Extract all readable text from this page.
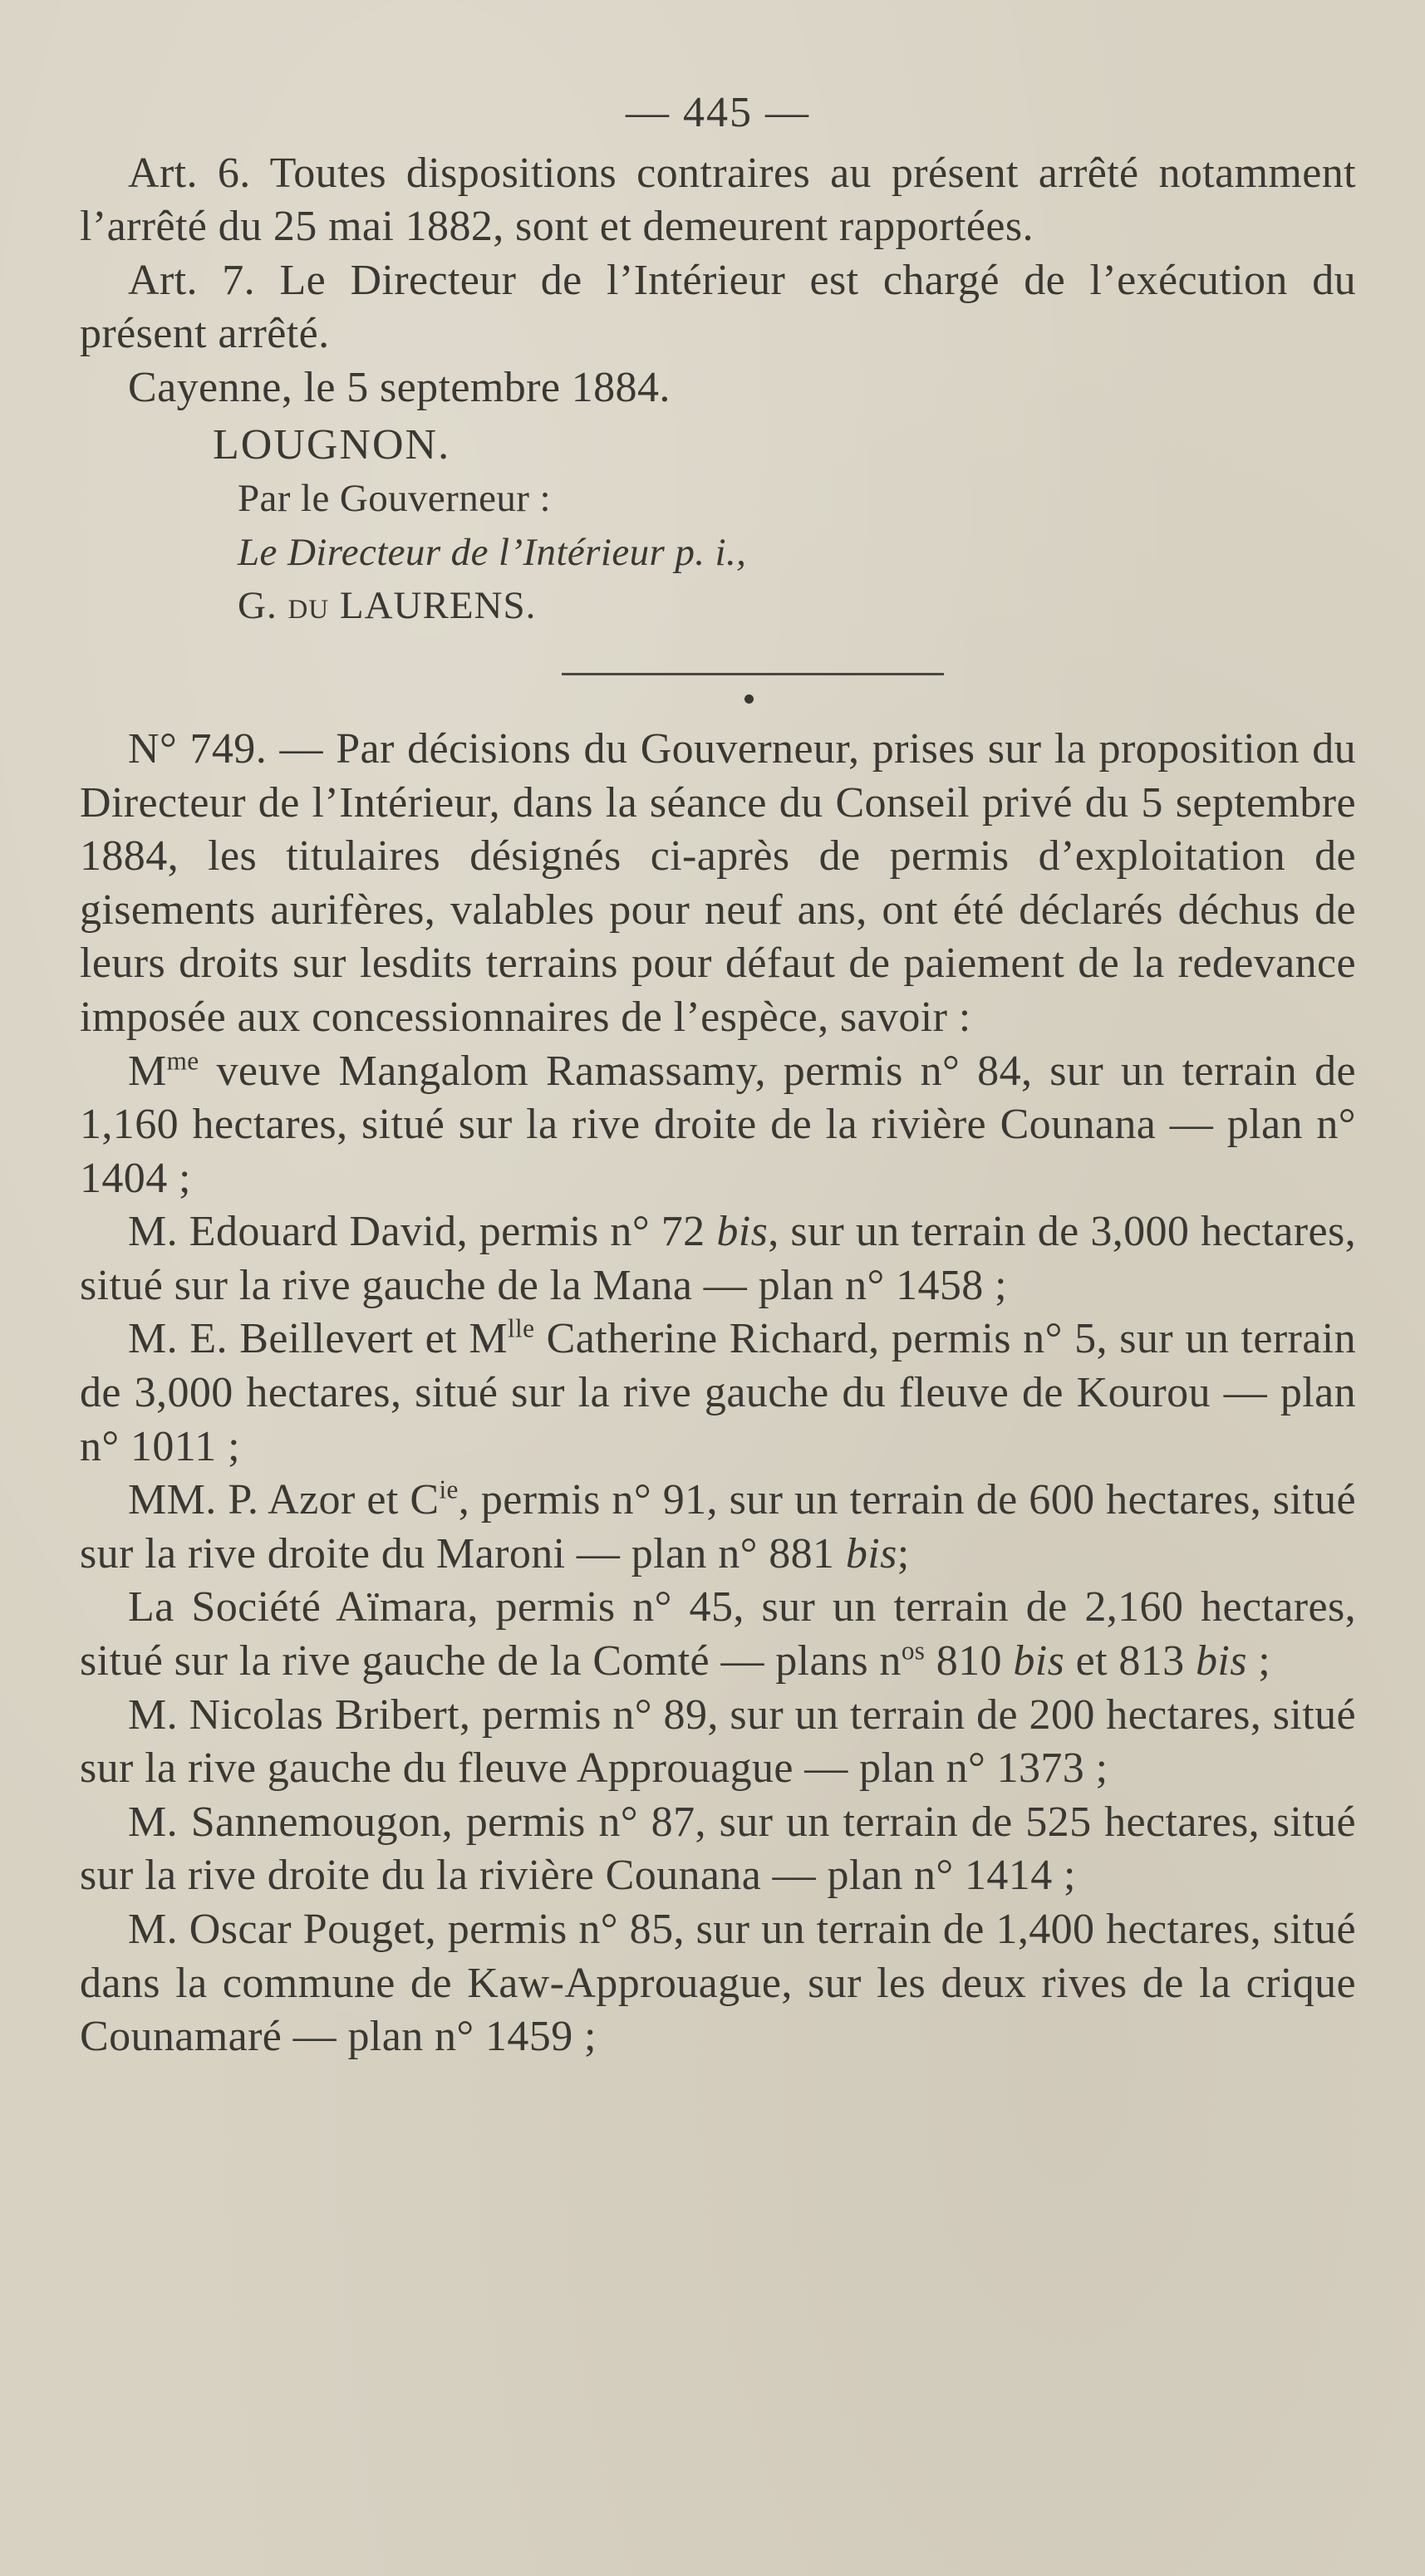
— 445 —

Art. 6. Toutes dispositions contraires au présent arrêté notamment l’arrêté du 25 mai 1882, sont et demeurent rapportées.

Art. 7. Le Directeur de l’Intérieur est chargé de l’exécution du présent arrêté.

Cayenne, le 5 septembre 1884.

LOUGNON.

Par le Gouverneur :

Le Directeur de l’Intérieur p. i.,

G. du LAURENS.

N° 749. — Par décisions du Gouverneur, prises sur la proposition du Directeur de l’Intérieur, dans la séance du Conseil privé du 5 septembre 1884, les titulaires désignés ci-après de permis d’exploitation de gisements aurifères, valables pour neuf ans, ont été déclarés déchus de leurs droits sur lesdits terrains pour défaut de paiement de la redevance imposée aux concessionnaires de l’espèce, savoir :

$M^{me}$ veuve Mangalom Ramassamy, permis n° 84, sur un terrain de 1,160 hectares, situé sur la rive droite de la rivière Counana — plan n° 1404 ;

M. Edouard David, permis n° 72 bis, sur un terrain de 3,000 hectares, situé sur la rive gauche de la Mana — plan n° 1458 ;

M. E. Beillevert et $M^{lle}$ Catherine Richard, permis n° 5, sur un terrain de 3,000 hectares, situé sur la rive gauche du fleuve de Kourou — plan n° 1011 ;

MM. P. Azor et $C^{ie}$, permis n° 91, sur un terrain de 600 hectares, situé sur la rive droite du Maroni — plan n° 881 bis;

La Société Aïmara, permis n° 45, sur un terrain de 2,160 hectares, situé sur la rive gauche de la Comté — plans $n^{os}$ 810 bis et 813 bis ;

M. Nicolas Bribert, permis n° 89, sur un terrain de 200 hectares, situé sur la rive gauche du fleuve Approuague — plan n° 1373 ;

M. Sannemougon, permis n° 87, sur un terrain de 525 hectares, situé sur la rive droite du la rivière Counana — plan n° 1414 ;

M. Oscar Pouget, permis n° 85, sur un terrain de 1,400 hectares, situé dans la commune de Kaw-Approuague, sur les deux rives de la crique Counamaré — plan n° 1459 ;
